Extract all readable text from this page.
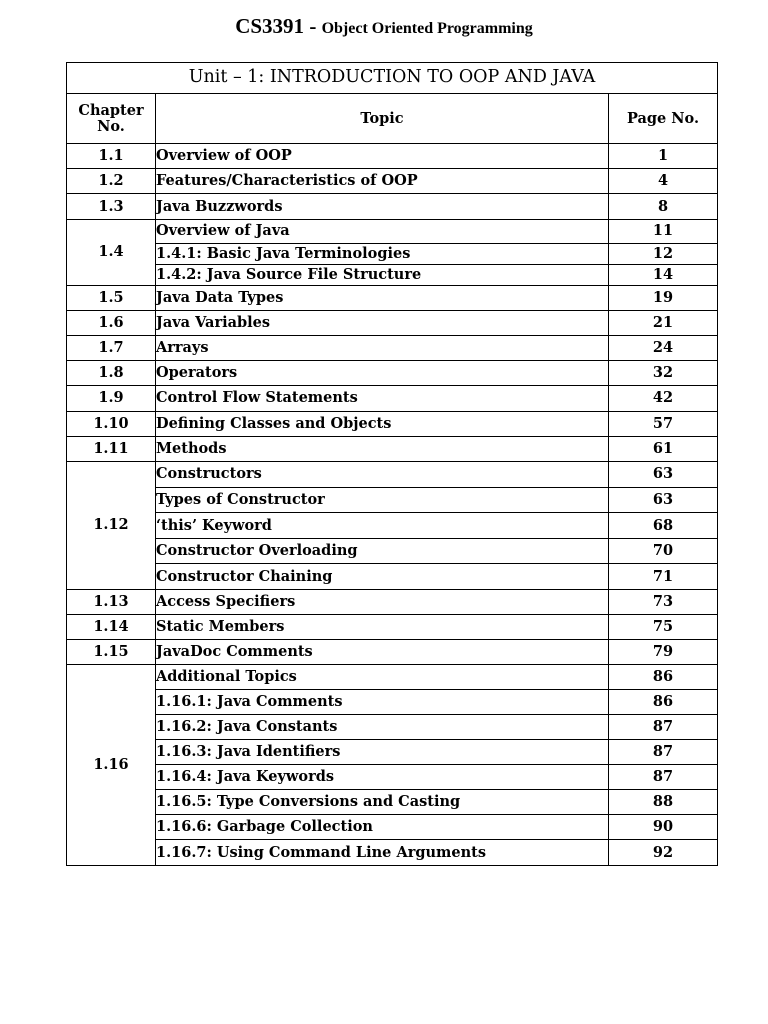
CS3391 - Object Oriented Programming
Unit – 1: INTRODUCTION TO OOP AND JAVA		
Chapter
No.	Topic	Page No.
1.1	Overview of OOP	1
1.2	Features/Characteristics of OOP	4
1.3	Java Buzzwords	8
1.4	Overview of Java	11
	1.4.1: Basic Java Terminologies	12
	1.4.2: Java Source File Structure	14
1.5	Java Data Types	19
1.6	Java Variables	21
1.7	Arrays	24
1.8	Operators	32
1.9	Control Flow Statements	42
1.10	Defining Classes and Objects	57
1.11	Methods	61
1.12	Constructors	63
	Types of Constructor	63
	‘this’ Keyword	68
	Constructor Overloading	70
	Constructor Chaining	71
1.13	Access Specifiers	73
1.14	Static Members	75
1.15	JavaDoc Comments	79
1.16	Additional Topics	86
	1.16.1: Java Comments	86
	1.16.2: Java Constants	87
	1.16.3: Java Identifiers	87
	1.16.4: Java Keywords	87
	1.16.5: Type Conversions and Casting	88
	1.16.6: Garbage Collection	90
	1.16.7: Using Command Line Arguments	92
